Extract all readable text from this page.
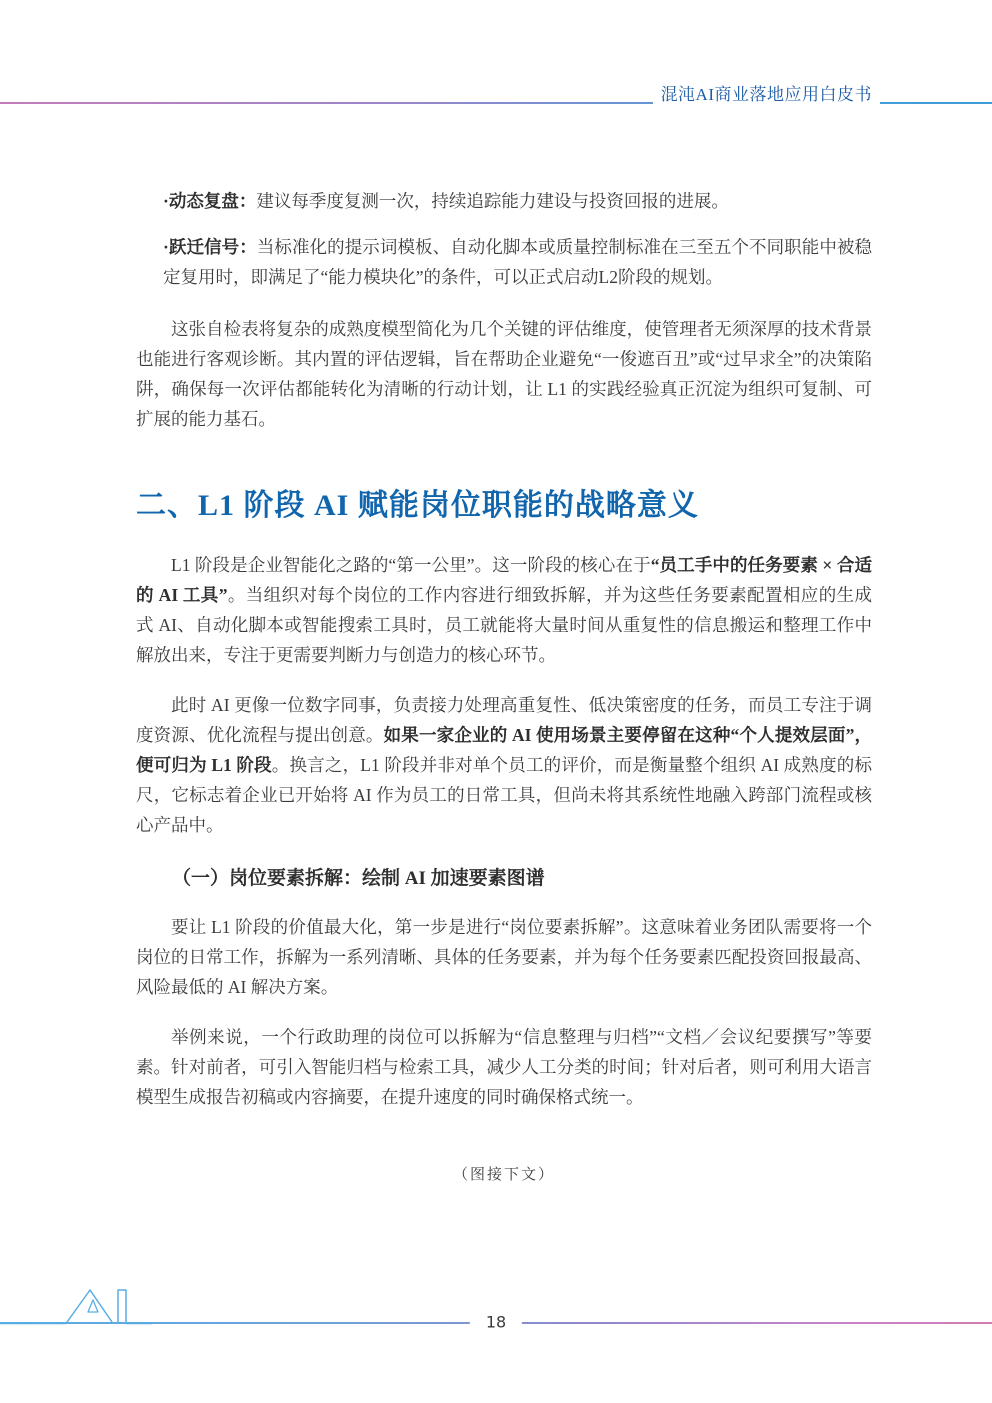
混沌AI商业落地应用白皮书
·动态复盘：建议每季度复测一次，持续追踪能力建设与投资回报的进展。
·跃迁信号：当标准化的提示词模板、自动化脚本或质量控制标准在三至五个不同职能中被稳定复用时，即满足了“能力模块化”的条件，可以正式启动L2阶段的规划。

这张自检表将复杂的成熟度模型简化为几个关键的评估维度，使管理者无须深厚的技术背景也能进行客观诊断。其内置的评估逻辑，旨在帮助企业避免“一俊遮百丑”或“过早求全”的决策陷阱，确保每一次评估都能转化为清晰的行动计划，让 L1 的实践经验真正沉淀为组织可复制、可扩展的能力基石。

二、L1 阶段 AI 赋能岗位职能的战略意义

L1 阶段是企业智能化之路的“第一公里”。这一阶段的核心在于“员工手中的任务要素 × 合适的 AI 工具”。当组织对每个岗位的工作内容进行细致拆解，并为这些任务要素配置相应的生成式 AI、自动化脚本或智能搜索工具时，员工就能将大量时间从重复性的信息搬运和整理工作中解放出来，专注于更需要判断力与创造力的核心环节。

此时 AI 更像一位数字同事，负责接力处理高重复性、低决策密度的任务，而员工专注于调度资源、优化流程与提出创意。如果一家企业的 AI 使用场景主要停留在这种“个人提效层面”，便可归为 L1 阶段。换言之，L1 阶段并非对单个员工的评价，而是衡量整个组织 AI 成熟度的标尺，它标志着企业已开始将 AI 作为员工的日常工具，但尚未将其系统性地融入跨部门流程或核心产品中。

（一）岗位要素拆解：绘制 AI 加速要素图谱

要让 L1 阶段的价值最大化，第一步是进行“岗位要素拆解”。这意味着业务团队需要将一个岗位的日常工作，拆解为一系列清晰、具体的任务要素，并为每个任务要素匹配投资回报最高、风险最低的 AI 解决方案。

举例来说，一个行政助理的岗位可以拆解为“信息整理与归档”“文档／会议纪要撰写”等要素。针对前者，可引入智能归档与检索工具，减少人工分类的时间；针对后者，则可利用大语言模型生成报告初稿或内容摘要，在提升速度的同时确保格式统一。

（图接下文）
18
